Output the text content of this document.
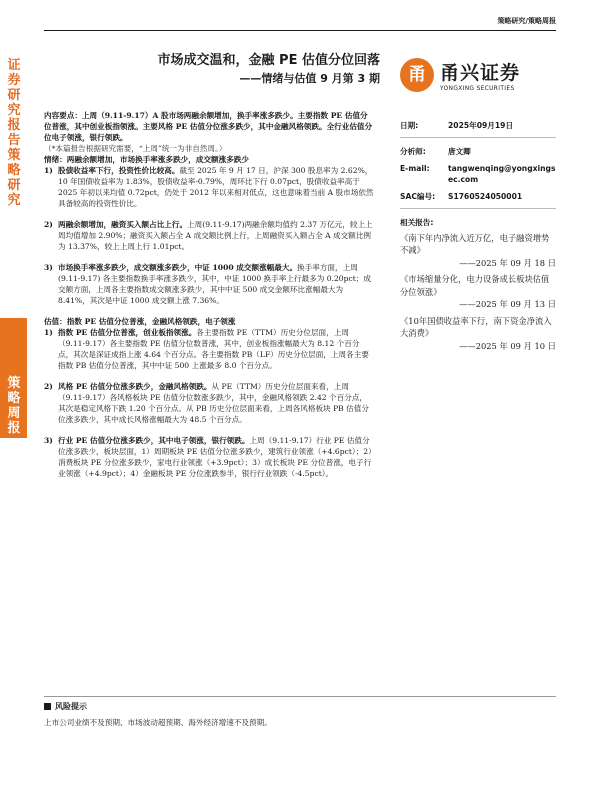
证券研究报告 策略研究
策略周报
策略研究/策略周报
市场成交温和，金融 PE 估值分位回落
——情绪与估值 9 月第 3 期	甬 甬兴证券
YONGXING SECURITIES

内容要点：上周（9.11-9.17）A 股市场两融余额增加，换手率涨多跌少。主要指数 PE 估值分位普涨，其中创业板指领涨。主要风格 PE 估值分位涨多跌少，其中金融风格领跌。全行业估值分位电子领涨，银行领跌。
（*本篇报告根据研究需要，“上周”统一为非自然周。）

情绪：两融余额增加，市场换手率涨多跌少，成交额涨多跌少

1) 股债收益率下行，投资性价比较高。截至 2025 年 9 月 17 日，沪深 300 股息率为 2.62%，10 年国债收益率为 1.83%，股债收益率-0.79%，周环比下行 0.07pct，股债收益率高于 2025 年初以来均值 0.72pct，仍处于 2012 年以来相对低点，这也意味着当前 A 股市场依然具备较高的投资性价比。
2) 两融余额增加，融资买入额占比上行。上周(9.11-9.17)两融余额均值约 2.37 万亿元，较上上周均值增加 2.90%；融资买入额占全 A 成交额比例上行，上周融资买入额占全 A 成交额比例为 13.37%，较上上周上行 1.01pct。
3) 市场换手率涨多跌少，成交额涨多跌少，中证 1000 成交额涨幅最大。换手率方面，上周 (9.11-9.17) 各主要指数换手率涨多跌少，其中，中证 1000 换手率上行最多为 0.20pct；成交额方面，上周各主要指数成交额涨多跌少，其中中证 500 成交金额环比涨幅最大为 8.41%，其次是中证 1000 成交额上涨 7.36%。

估值：指数 PE 估值分位普涨，金融风格领跌，电子领涨

1) 指数 PE 估值分位普涨，创业板指领涨。各主要指数 PE（TTM）历史分位层面，上周（9.11-9.17）各主要指数 PE 估值分位数普涨，其中，创业板指涨幅最大为 8.12 个百分点，其次是深证成指上涨 4.64 个百分点。各主要指数 PB（LF）历史分位层面，上周各主要指数 PB 估值分位普涨，其中中证 500 上涨最多 8.0 个百分点。
2) 风格 PE 估值分位涨多跌少，金融风格领跌。从 PE（TTM）历史分位层面来看，上周（9.11-9.17）各风格板块 PE 估值分位数涨多跌少，其中，金融风格领跌 2.42 个百分点，其次是稳定风格下跌 1.20 个百分点。从 PB 历史分位层面来看，上周各风格板块 PB 估值分位涨多跌少，其中成长风格涨幅最大为 48.5 个百分点。
3) 行业 PE 估值分位涨多跌少，其中电子领涨，银行领跌。上周（9.11-9.17）行业 PE 估值分位涨多跌少，板块层面，1）周期板块 PE 估值分位涨多跌少，建筑行业领涨（+4.6pct）；2）消费板块 PE 分位涨多跌少，家电行业领涨（+3.9pct）；3）成长板块 PE 分位普涨，电子行业领涨（+4.9pct）；4）金融板块 PE 分位涨跌参半，银行行业领跌（-4.5pct）。
日期:	2025年09月19日
分析师:	唐文卿
E-mail:	tangwenqing@yongxingsec.com
SAC编号:	S1760524050001
相关报告:
《南下年内净流入近万亿，电子融资增势不减》
——2025 年 09 月 18 日
《市场缩量分化，电力设备成长板块估值分位领涨》
——2025 年 09 月 13 日
《10年国债收益率下行，南下资金净流入大消费》
——2025 年 09 月 10 日
风险提示
上市公司业绩不及预期、市场波动超预期、海外经济增速不及预期。
